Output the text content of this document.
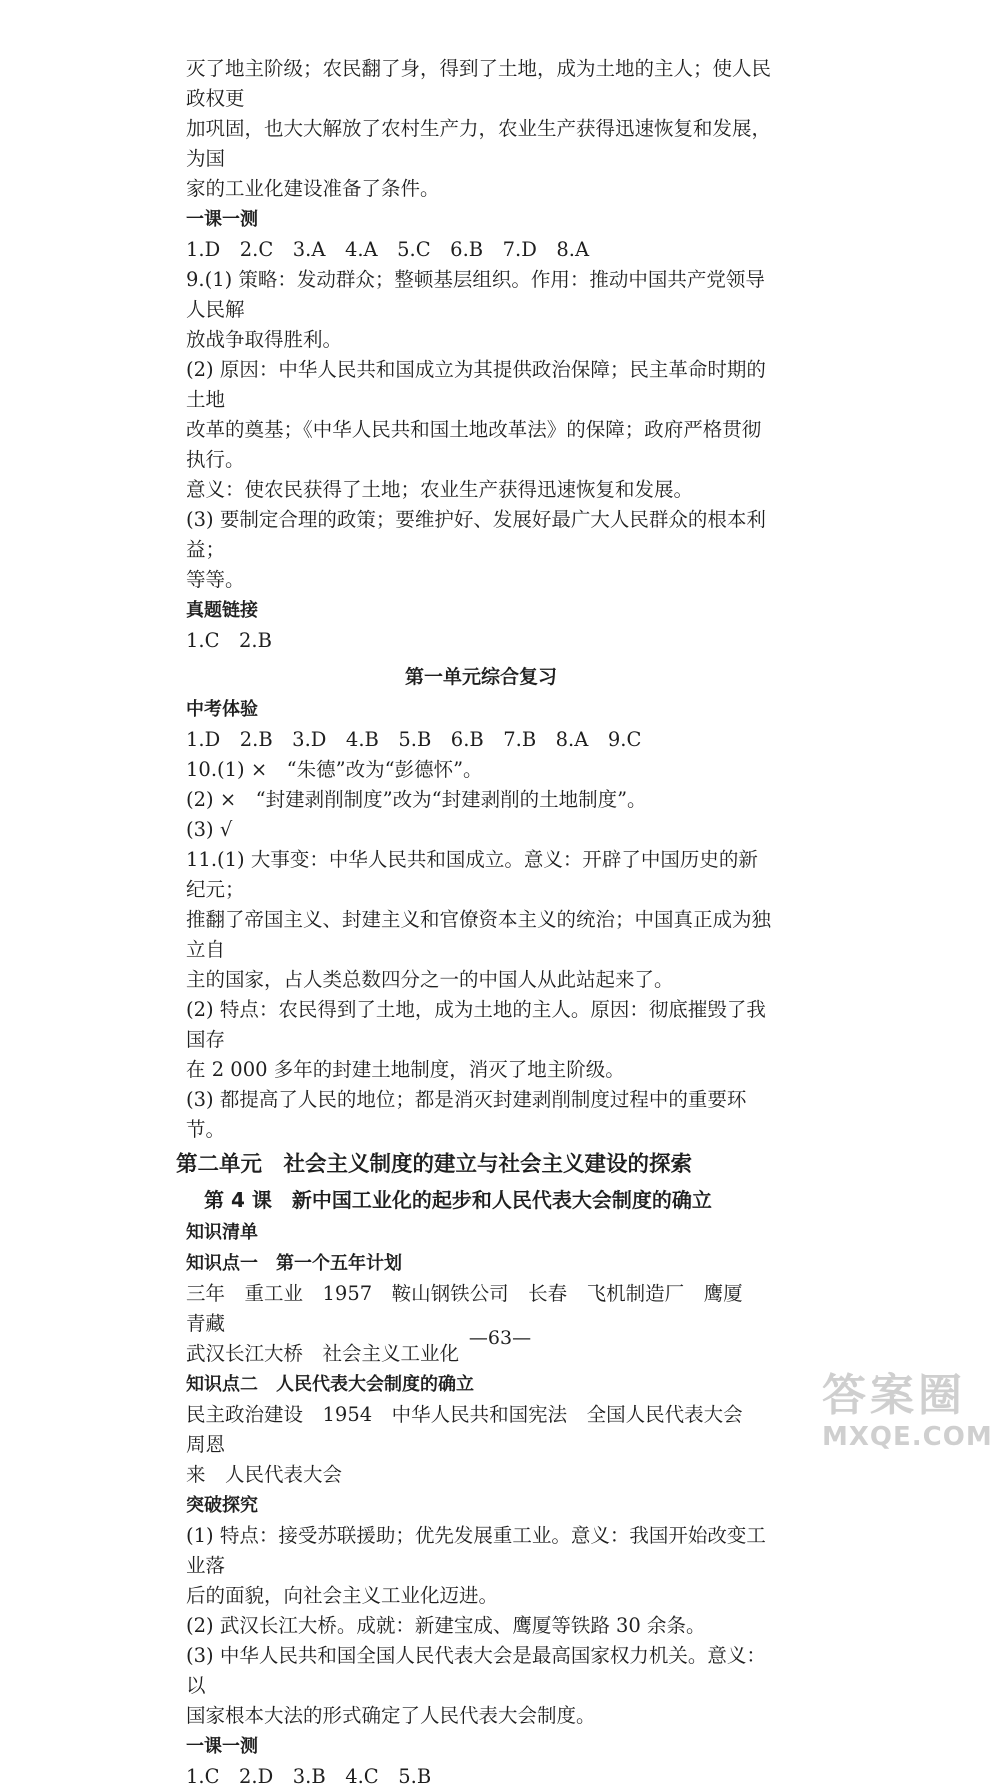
灭了地主阶级；农民翻了身，得到了土地，成为土地的主人；使人民政权更

加巩固，也大大解放了农村生产力，农业生产获得迅速恢复和发展，为国

家的工业化建设准备了条件。

一课一测

1.D　2.C　3.A　4.A　5.C　6.B　7.D　8.A

9.(1) 策略：发动群众；整顿基层组织。作用：推动中国共产党领导人民解

放战争取得胜利。

(2) 原因：中华人民共和国成立为其提供政治保障；民主革命时期的土地

改革的奠基；《中华人民共和国土地改革法》的保障；政府严格贯彻执行。

意义：使农民获得了土地；农业生产获得迅速恢复和发展。

(3) 要制定合理的政策；要维护好、发展好最广大人民群众的根本利益；

等等。

真题链接

1.C　2.B

第一单元综合复习

中考体验

1.D　2.B　3.D　4.B　5.B　6.B　7.B　8.A　9.C

10.(1) ×　“朱德”改为“彭德怀”。

(2) ×　“封建剥削制度”改为“封建剥削的土地制度”。

(3) √

11.(1) 大事变：中华人民共和国成立。意义：开辟了中国历史的新纪元；

推翻了帝国主义、封建主义和官僚资本主义的统治；中国真正成为独立自

主的国家，占人类总数四分之一的中国人从此站起来了。

(2) 特点：农民得到了土地，成为土地的主人。原因：彻底摧毁了我国存

在 2 000 多年的封建土地制度，消灭了地主阶级。

(3) 都提高了人民的地位；都是消灭封建剥削制度过程中的重要环节。

第二单元　社会主义制度的建立与社会主义建设的探索

第 4 课　新中国工业化的起步和人民代表大会制度的确立

知识清单

知识点一　第一个五年计划

三年　重工业　1957　鞍山钢铁公司　长春　飞机制造厂　鹰厦　青藏

武汉长江大桥　社会主义工业化

知识点二　人民代表大会制度的确立

民主政治建设　1954　中华人民共和国宪法　全国人民代表大会　周恩

来　人民代表大会

突破探究

(1) 特点：接受苏联援助；优先发展重工业。意义：我国开始改变工业落

后的面貌，向社会主义工业化迈进。

(2) 武汉长江大桥。成就：新建宝成、鹰厦等铁路 30 余条。

(3) 中华人民共和国全国人民代表大会是最高国家权力机关。意义：以

国家根本大法的形式确定了人民代表大会制度。

一课一测

1.C　2.D　3.B　4.C　5.B

—63—
答案圈
MXQE.COM
